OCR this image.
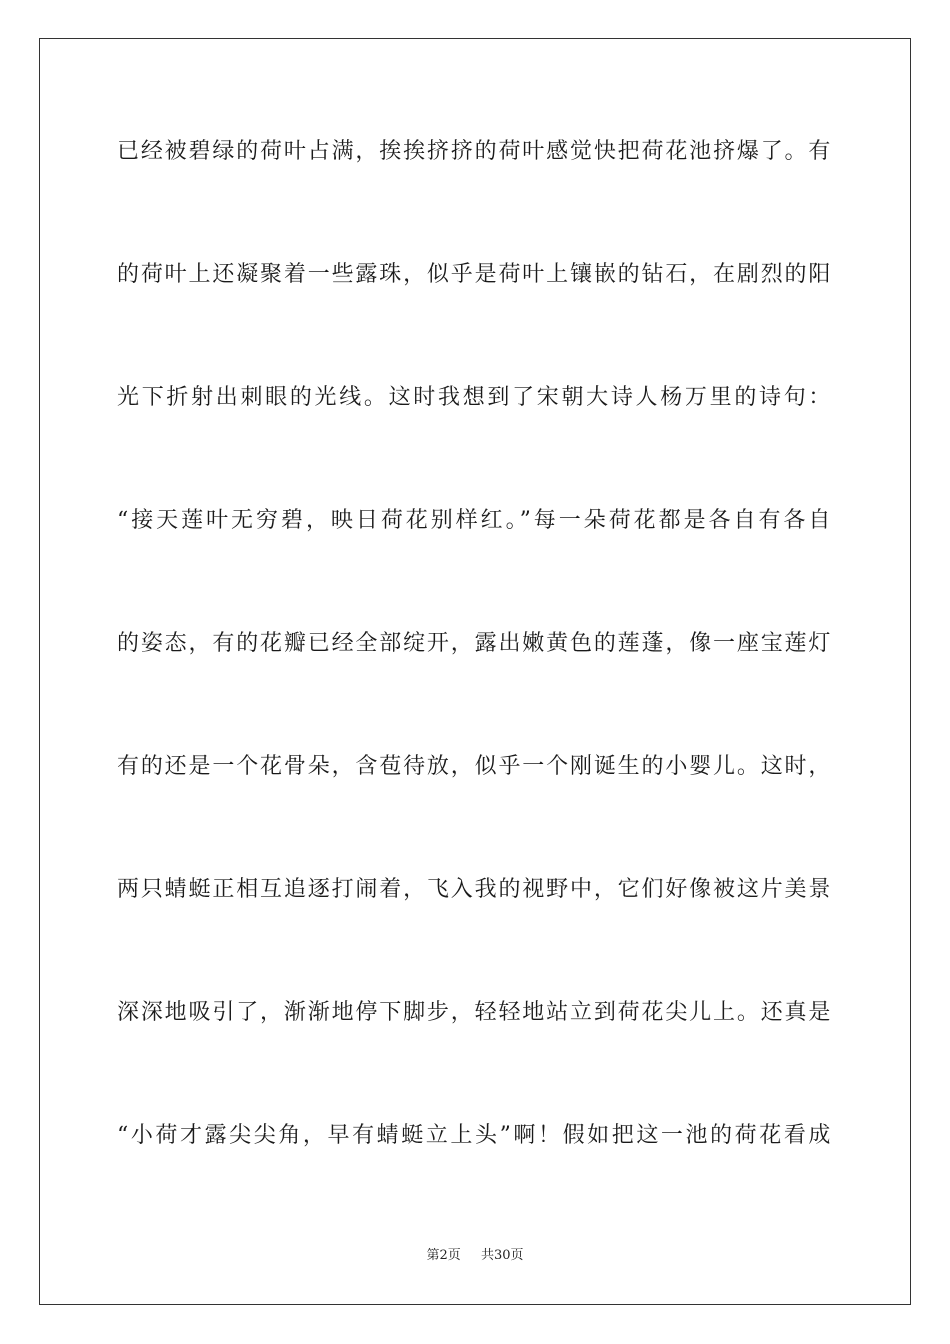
已经被碧绿的荷叶占满，挨挨挤挤的荷叶感觉快把荷花池挤爆了。有

的荷叶上还凝聚着一些露珠，似乎是荷叶上镶嵌的钻石，在剧烈的阳

光下折射出刺眼的光线。这时我想到了宋朝大诗人杨万里的诗句：

“接天莲叶无穷碧，映日荷花别样红。”每一朵荷花都是各自有各自

的姿态，有的花瓣已经全部绽开，露出嫩黄色的莲蓬，像一座宝莲灯

有的还是一个花骨朵，含苞待放，似乎一个刚诞生的小婴儿。这时，

两只蜻蜓正相互追逐打闹着，飞入我的视野中，它们好像被这片美景

深深地吸引了，渐渐地停下脚步，轻轻地站立到荷花尖儿上。还真是

“小荷才露尖尖角，早有蜻蜓立上头”啊！假如把这一池的荷花看成

第2页 共30页
